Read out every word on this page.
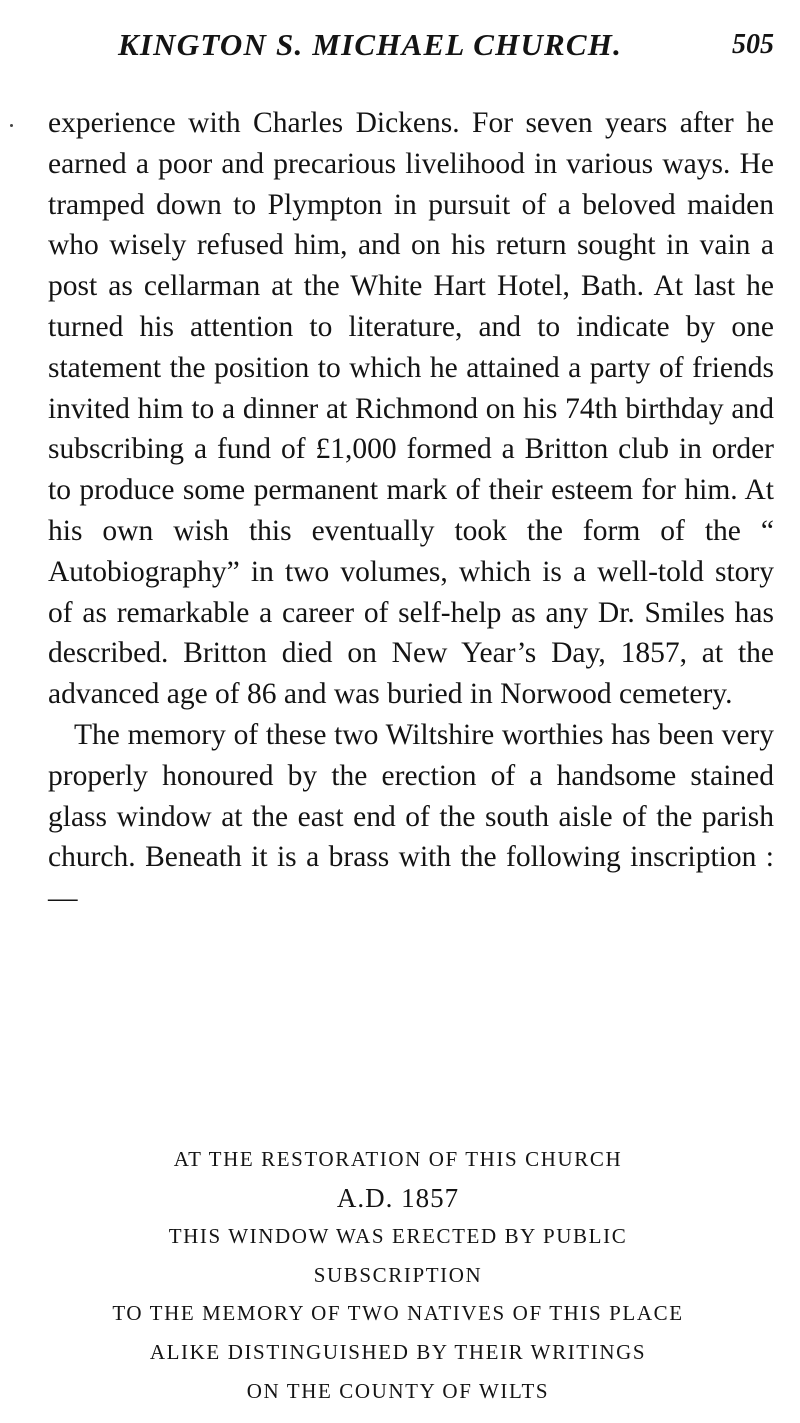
KINGTON S. MICHAEL CHURCH.	505

experience with Charles Dickens. For seven years after he earned a poor and precarious livelihood in various ways. He tramped down to Plympton in pursuit of a beloved maiden who wisely refused him, and on his return sought in vain a post as cellarman at the White Hart Hotel, Bath. At last he turned his attention to literature, and to indicate by one statement the position to which he attained a party of friends invited him to a dinner at Richmond on his 74th birthday and subscribing a fund of £1,000 formed a Britton club in order to produce some permanent mark of their esteem for him. At his own wish this eventually took the form of the “ Autobiography” in two volumes, which is a well-told story of as remarkable a career of self-help as any Dr. Smiles has described. Britton died on New Year’s Day, 1857, at the advanced age of 86 and was buried in Norwood cemetery.

The memory of these two Wiltshire worthies has been very properly honoured by the erection of a handsome stained glass window at the east end of the south aisle of the parish church. Beneath it is a brass with the following inscription :—

AT THE RESTORATION OF THIS CHURCH
A.D. 1857
THIS WINDOW WAS ERECTED BY PUBLIC
SUBSCRIPTION
TO THE MEMORY OF TWO NATIVES OF THIS PLACE
ALIKE DISTINGUISHED BY THEIR WRITINGS
ON THE COUNTY OF WILTS
